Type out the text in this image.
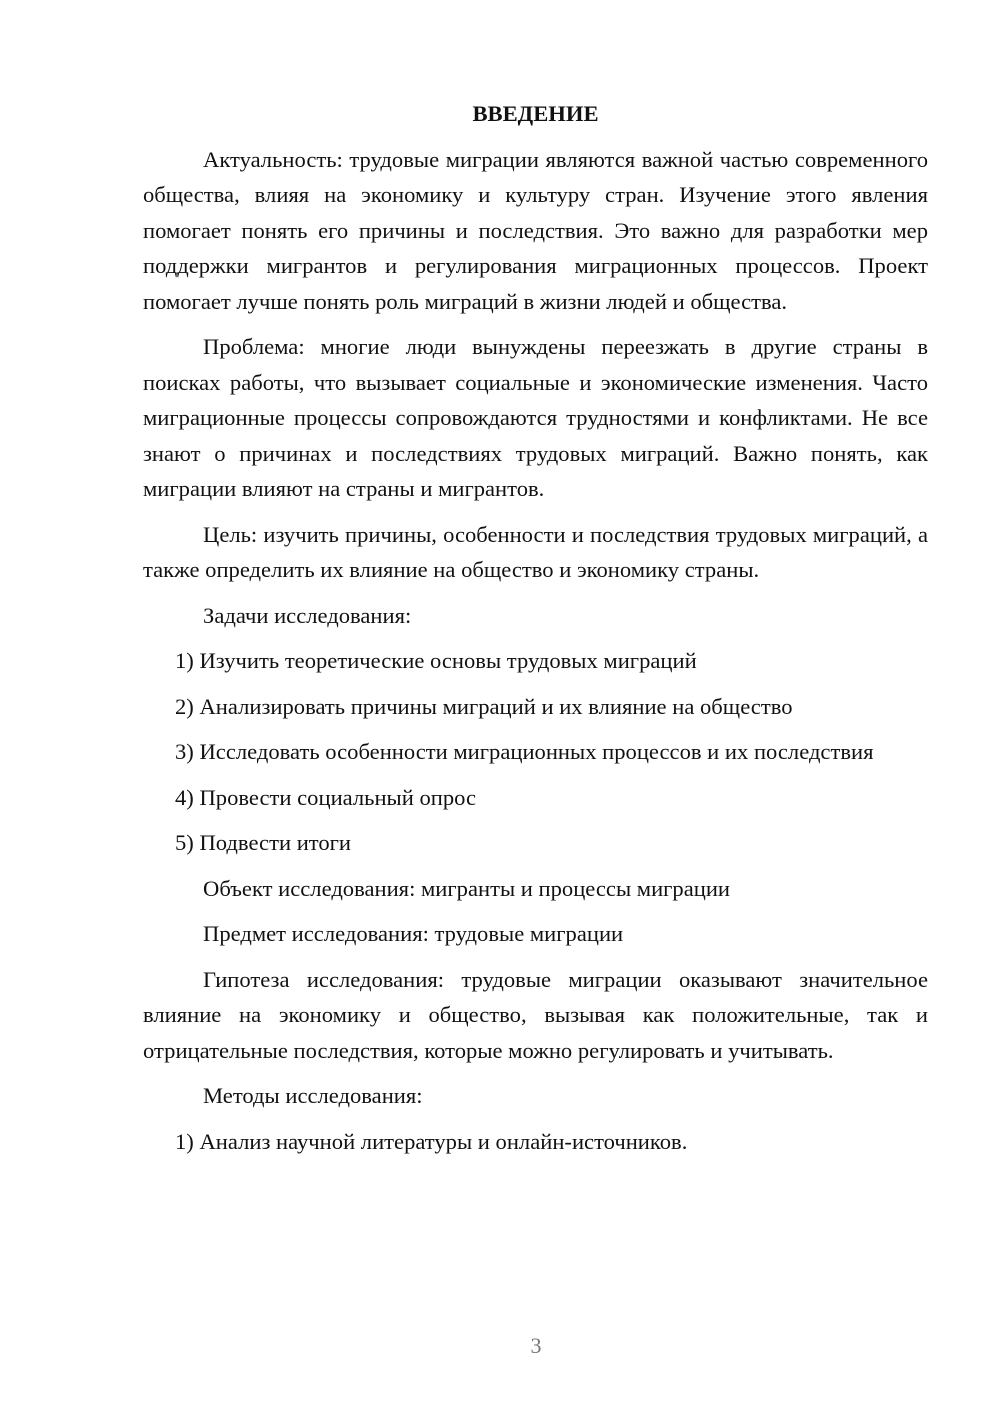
ВВЕДЕНИЕ
Актуальность: трудовые миграции являются важной частью современного общества, влияя на экономику и культуру стран. Изучение этого явления помогает понять его причины и последствия. Это важно для разработки мер поддержки мигрантов и регулирования миграционных процессов. Проект помогает лучше понять роль миграций в жизни людей и общества.
Проблема: многие люди вынуждены переезжать в другие страны в поисках работы, что вызывает социальные и экономические изменения. Часто миграционные процессы сопровождаются трудностями и конфликтами. Не все знают о причинах и последствиях трудовых миграций. Важно понять, как миграции влияют на страны и мигрантов.
Цель: изучить причины, особенности и последствия трудовых миграций, а также определить их влияние на общество и экономику страны.
Задачи исследования:
1) Изучить теоретические основы трудовых миграций
2) Анализировать причины миграций и их влияние на общество
3) Исследовать особенности миграционных процессов и их последствия
4) Провести социальный опрос
5) Подвести итоги
Объект исследования: мигранты и процессы миграции
Предмет исследования: трудовые миграции
Гипотеза исследования: трудовые миграции оказывают значительное влияние на экономику и общество, вызывая как положительные, так и отрицательные последствия, которые можно регулировать и учитывать.
Методы исследования:
1) Анализ научной литературы и онлайн-источников.
3
